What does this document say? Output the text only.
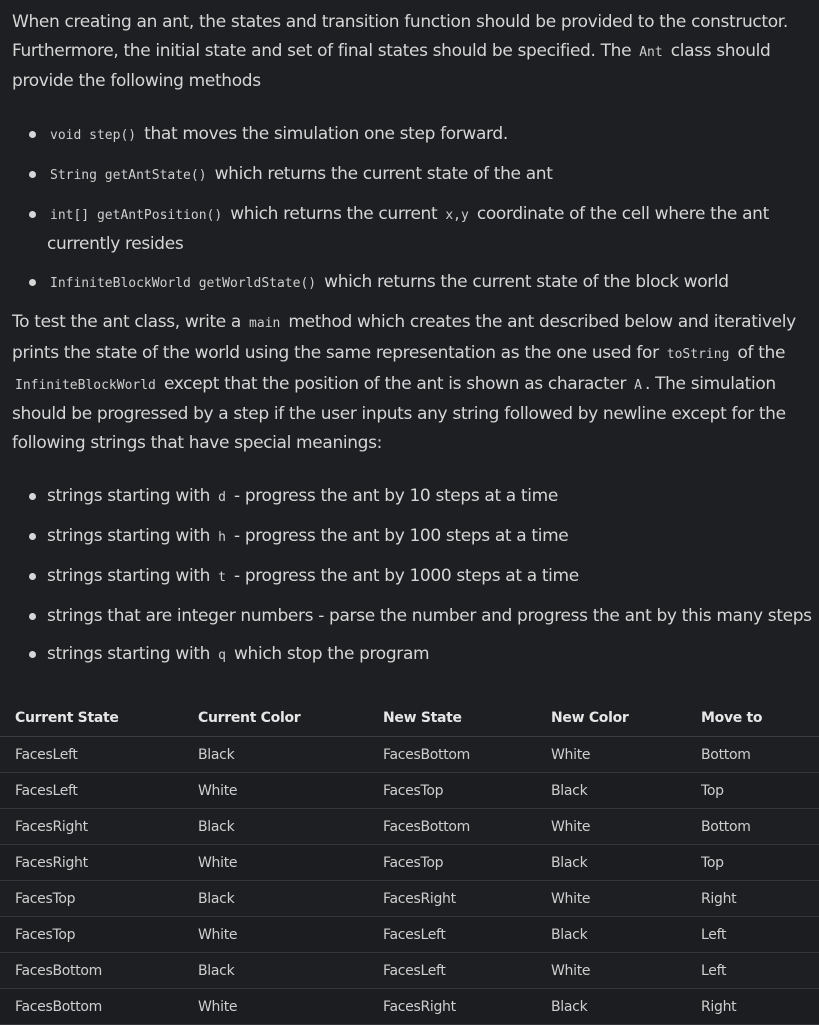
When creating an ant, the states and transition function should be provided to the constructor. Furthermore, the initial state and set of final states should be specified. The Ant class should provide the following methods

void step() that moves the simulation one step forward.
String getAntState() which returns the current state of the ant
int[] getAntPosition() which returns the current x,y coordinate of the cell where the ant currently resides
InfiniteBlockWorld getWorldState() which returns the current state of the block world

To test the ant class, write a main method which creates the ant described below and iteratively prints the state of the world using the same representation as the one used for toString of the InfiniteBlockWorld except that the position of the ant is shown as character A . The simulation should be progressed by a step if the user inputs any string followed by newline except for the following strings that have special meanings:

strings starting with d - progress the ant by 10 steps at a time
strings starting with h - progress the ant by 100 steps at a time
strings starting with t - progress the ant by 1000 steps at a time
strings that are integer numbers - parse the number and progress the ant by this many steps
strings starting with q which stop the program
Current State	Current Color	New State	New Color	Move to
FacesLeft	Black	FacesBottom	White	Bottom
FacesLeft	White	FacesTop	Black	Top
FacesRight	Black	FacesBottom	White	Bottom
FacesRight	White	FacesTop	Black	Top
FacesTop	Black	FacesRight	White	Right
FacesTop	White	FacesLeft	Black	Left
FacesBottom	Black	FacesLeft	White	Left
FacesBottom	White	FacesRight	Black	Right
